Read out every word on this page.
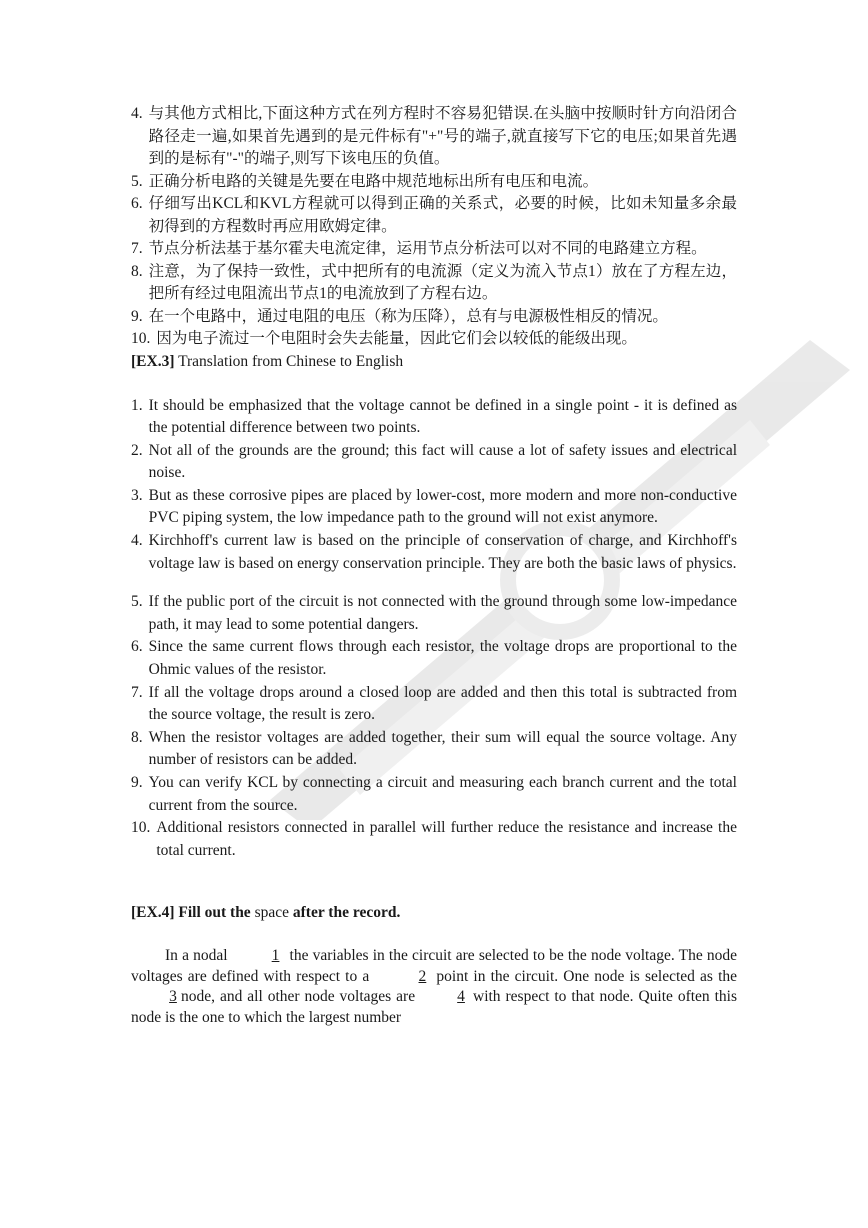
4. 与其他方式相比,下面这种方式在列方程时不容易犯错误.在头脑中按顺时针方向沿闭合路径走一遍,如果首先遇到的是元件标有"+"号的端子,就直接写下它的电压;如果首先遇到的是标有"-"的端子,则写下该电压的负值。
5. 正确分析电路的关键是先要在电路中规范地标出所有电压和电流。
6. 仔细写出KCL和KVL方程就可以得到正确的关系式，必要的时候，比如未知量多余最初得到的方程数时再应用欧姆定律。
7. 节点分析法基于基尔霍夫电流定律，运用节点分析法可以对不同的电路建立方程。
8. 注意，为了保持一致性，式中把所有的电流源（定义为流入节点1）放在了方程左边，把所有经过电阻流出节点1的电流放到了方程右边。
9. 在一个电路中，通过电阻的电压（称为压降），总有与电源极性相反的情况。
10. 因为电子流过一个电阻时会失去能量，因此它们会以较低的能级出现。
[EX.3] Translation from Chinese to English
1. It should be emphasized that the voltage cannot be defined in a single point - it is defined as the potential difference between two points.
2. Not all of the grounds are the ground; this fact will cause a lot of safety issues and electrical noise.
3. But as these corrosive pipes are placed by lower-cost, more modern and more non-conductive PVC piping system, the low impedance path to the ground will not exist anymore.
4. Kirchhoff's current law is based on the principle of conservation of charge, and Kirchhoff's voltage law is based on energy conservation principle. They are both the basic laws of physics.
5. If the public port of the circuit is not connected with the ground through some low-impedance path, it may lead to some potential dangers.
6. Since the same current flows through each resistor, the voltage drops are proportional to the Ohmic values of the resistor.
7. If all the voltage drops around a closed loop are added and then this total is subtracted from the source voltage, the result is zero.
8. When the resistor voltages are added together, their sum will equal the source voltage. Any number of resistors can be added.
9. You can verify KCL by connecting a circuit and measuring each branch current and the total current from the source.
10. Additional resistors connected in parallel will further reduce the resistance and increase the total current.
[EX.4] Fill out the space after the record.
In a nodal	1 the variables in the circuit are selected to be the node voltage. The node voltages are defined with respect to a	2 point in the circuit. One node is selected as the 3 node, and all other node voltages are	4 with respect to that node. Quite often this node is the one to which the largest number
